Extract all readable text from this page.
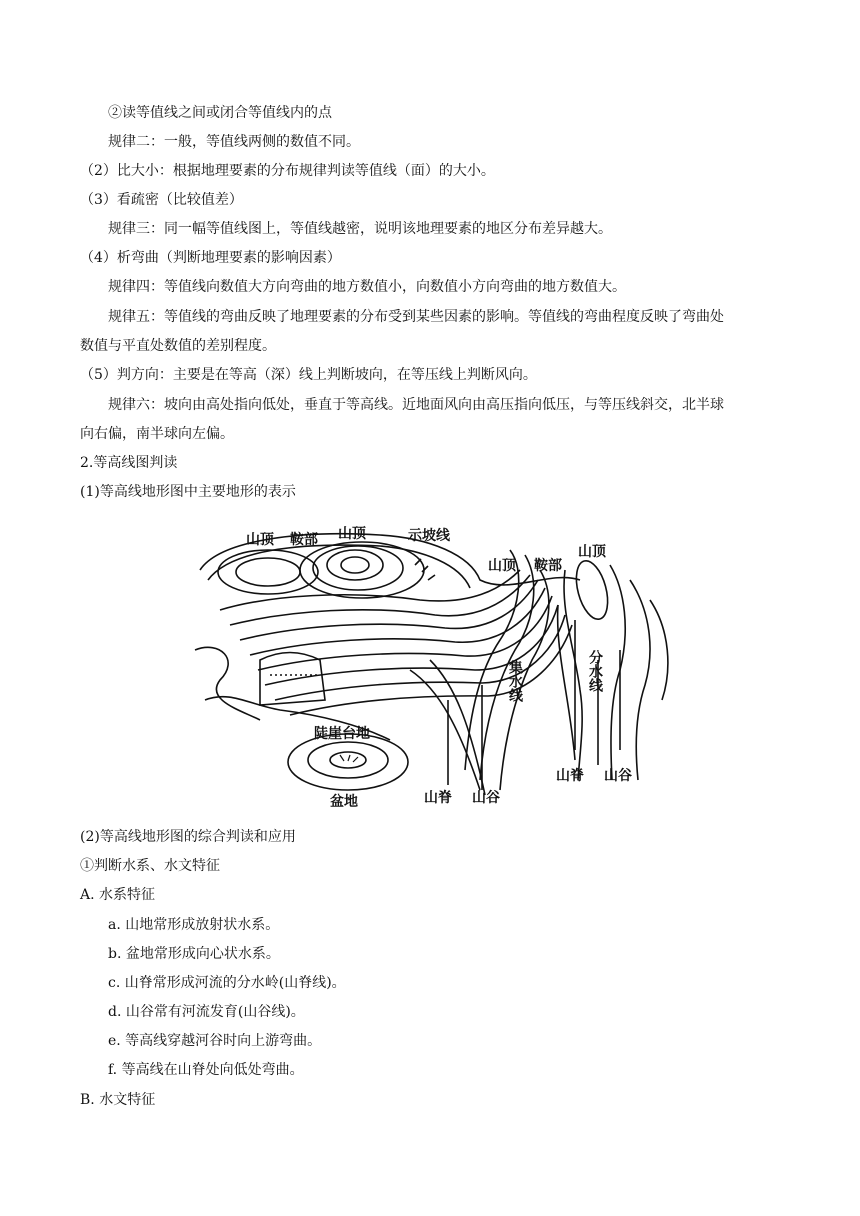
②读等值线之间或闭合等值线内的点
规律二：一般，等值线两侧的数值不同。
（2）比大小：根据地理要素的分布规律判读等值线（面）的大小。
（3）看疏密（比较值差）
规律三：同一幅等值线图上，等值线越密，说明该地理要素的地区分布差异越大。
（4）析弯曲（判断地理要素的影响因素）
规律四：等值线向数值大方向弯曲的地方数值小，向数值小方向弯曲的地方数值大。
规律五：等值线的弯曲反映了地理要素的分布受到某些因素的影响。等值线的弯曲程度反映了弯曲处
数值与平直处数值的差别程度。
（5）判方向：主要是在等高（深）线上判断坡向，在等压线上判断风向。
规律六：坡向由高处指向低处，垂直于等高线。近地面风向由高压指向低压，与等压线斜交，北半球
向右偏，南半球向左偏。
2.等高线图判读
(1)等高线地形图中主要地形的表示
山顶 鞍部 山顶	示坡线
山顶 鞍部
山顶
集水线	分水线
陡崖台地
盆地	山脊 山谷
山脊 山谷
(2)等高线地形图的综合判读和应用
①判断水系、水文特征
A. 水系特征
a. 山地常形成放射状水系。
b. 盆地常形成向心状水系。
c. 山脊常形成河流的分水岭(山脊线)。
d. 山谷常有河流发育(山谷线)。
e. 等高线穿越河谷时向上游弯曲。
f. 等高线在山脊处向低处弯曲。
B. 水文特征
